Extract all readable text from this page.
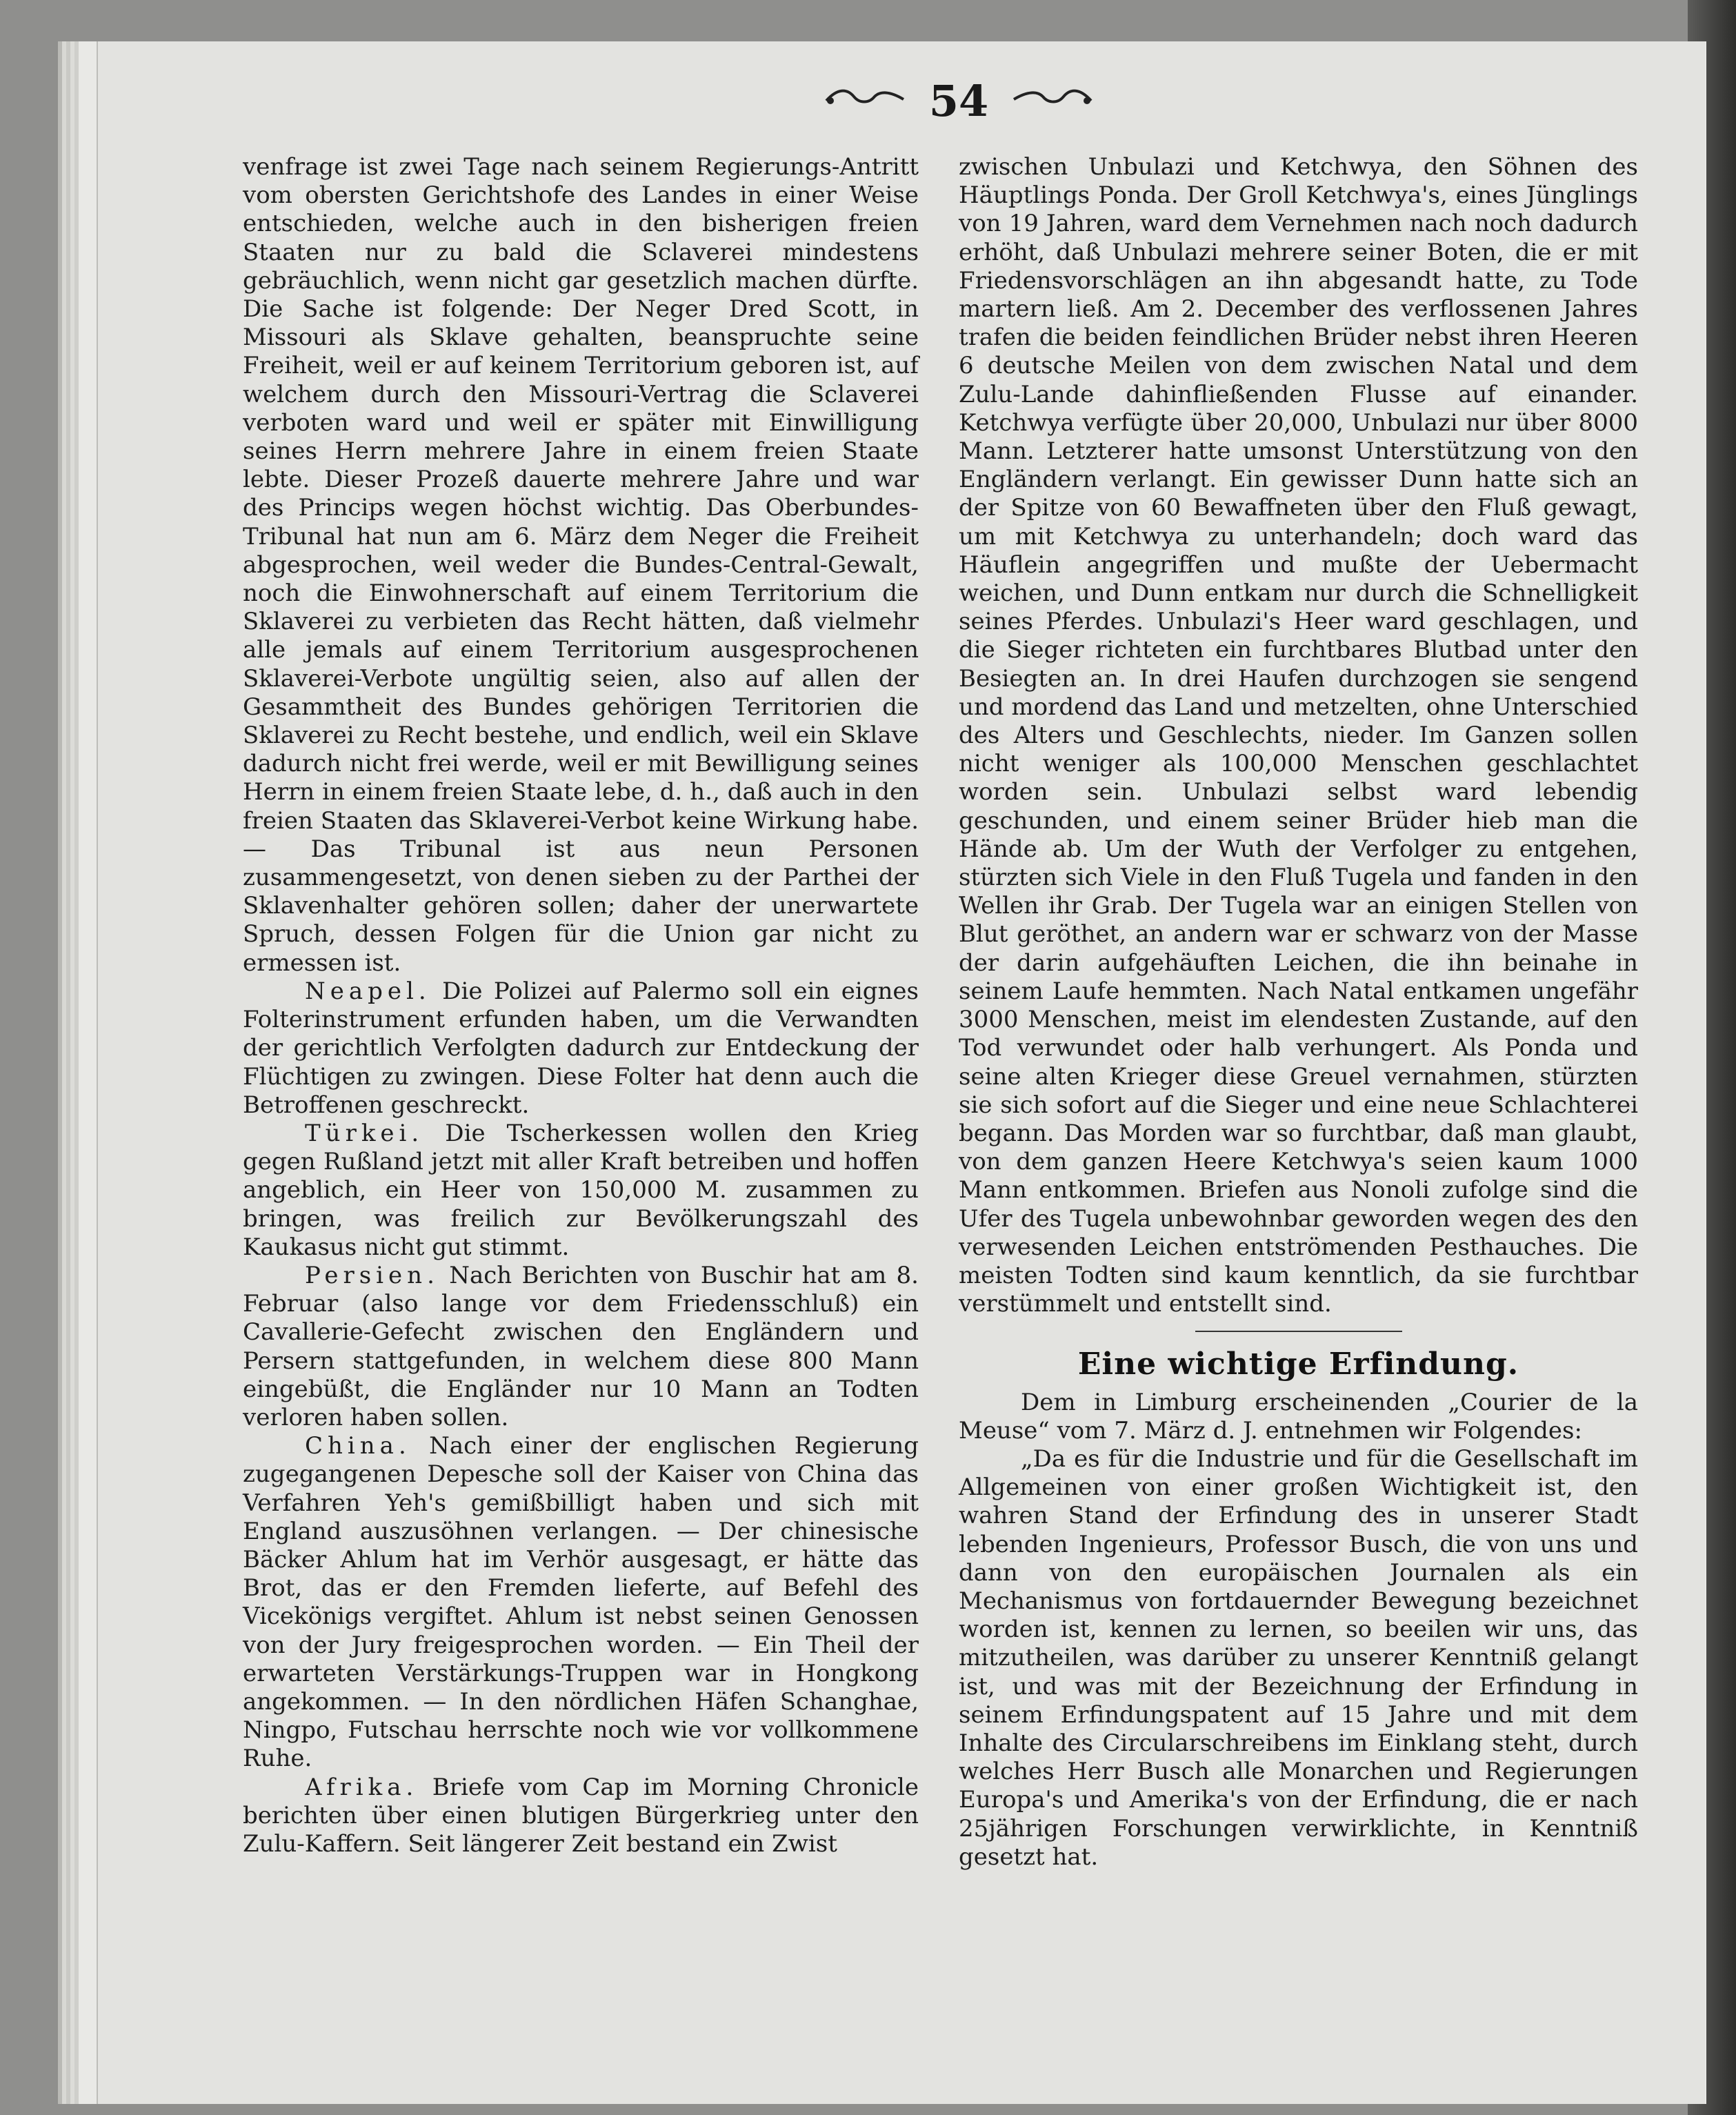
54

venfrage ist zwei Tage nach seinem Regierungs-Antritt vom obersten Gerichtshofe des Landes in einer Weise entschieden, welche auch in den bisherigen freien Staaten nur zu bald die Sclaverei mindestens gebräuchlich, wenn nicht gar gesetzlich machen dürfte. Die Sache ist folgende: Der Neger Dred Scott, in Missouri als Sklave gehalten, beanspruchte seine Freiheit, weil er auf keinem Territorium geboren ist, auf welchem durch den Missouri-Vertrag die Sclaverei verboten ward und weil er später mit Einwilligung seines Herrn mehrere Jahre in einem freien Staate lebte. Dieser Prozeß dauerte mehrere Jahre und war des Princips wegen höchst wichtig. Das Oberbundes-Tribunal hat nun am 6. März dem Neger die Freiheit abgesprochen, weil weder die Bundes-Central-Gewalt, noch die Einwohnerschaft auf einem Territorium die Sklaverei zu verbieten das Recht hätten, daß vielmehr alle jemals auf einem Territorium ausgesprochenen Sklaverei-Verbote ungültig seien, also auf allen der Gesammtheit des Bundes gehörigen Territorien die Sklaverei zu Recht bestehe, und endlich, weil ein Sklave dadurch nicht frei werde, weil er mit Bewilligung seines Herrn in einem freien Staate lebe, d. h., daß auch in den freien Staaten das Sklaverei-Verbot keine Wirkung habe. — Das Tribunal ist aus neun Personen zusammengesetzt, von denen sieben zu der Parthei der Sklavenhalter gehören sollen; daher der unerwartete Spruch, dessen Folgen für die Union gar nicht zu ermessen ist.

Neapel. Die Polizei auf Palermo soll ein eignes Folterinstrument erfunden haben, um die Verwandten der gerichtlich Verfolgten dadurch zur Entdeckung der Flüchtigen zu zwingen. Diese Folter hat denn auch die Betroffenen geschreckt.

Türkei. Die Tscherkessen wollen den Krieg gegen Rußland jetzt mit aller Kraft betreiben und hoffen angeblich, ein Heer von 150,000 M. zusammen zu bringen, was freilich zur Bevölkerungszahl des Kaukasus nicht gut stimmt.

Persien. Nach Berichten von Buschir hat am 8. Februar (also lange vor dem Friedensschluß) ein Cavallerie-Gefecht zwischen den Engländern und Persern stattgefunden, in welchem diese 800 Mann eingebüßt, die Engländer nur 10 Mann an Todten verloren haben sollen.

China. Nach einer der englischen Regierung zugegangenen Depesche soll der Kaiser von China das Verfahren Yeh's gemißbilligt haben und sich mit England auszusöhnen verlangen. — Der chinesische Bäcker Ahlum hat im Verhör ausgesagt, er hätte das Brot, das er den Fremden lieferte, auf Befehl des Vicekönigs vergiftet. Ahlum ist nebst seinen Genossen von der Jury freigesprochen worden. — Ein Theil der erwarteten Verstärkungs-Truppen war in Hongkong angekommen. — In den nördlichen Häfen Schanghae, Ningpo, Futschau herrschte noch wie vor vollkommene Ruhe.

Afrika. Briefe vom Cap im Morning Chronicle berichten über einen blutigen Bürgerkrieg unter den Zulu-Kaffern. Seit längerer Zeit bestand ein Zwist

zwischen Unbulazi und Ketchwya, den Söhnen des Häuptlings Ponda. Der Groll Ketchwya's, eines Jünglings von 19 Jahren, ward dem Vernehmen nach noch dadurch erhöht, daß Unbulazi mehrere seiner Boten, die er mit Friedensvorschlägen an ihn abgesandt hatte, zu Tode martern ließ. Am 2. December des verflossenen Jahres trafen die beiden feindlichen Brüder nebst ihren Heeren 6 deutsche Meilen von dem zwischen Natal und dem Zulu-Lande dahinfließenden Flusse auf einander. Ketchwya verfügte über 20,000, Unbulazi nur über 8000 Mann. Letzterer hatte umsonst Unterstützung von den Engländern verlangt. Ein gewisser Dunn hatte sich an der Spitze von 60 Bewaffneten über den Fluß gewagt, um mit Ketchwya zu unterhandeln; doch ward das Häuflein angegriffen und mußte der Uebermacht weichen, und Dunn entkam nur durch die Schnelligkeit seines Pferdes. Unbulazi's Heer ward geschlagen, und die Sieger richteten ein furchtbares Blutbad unter den Besiegten an. In drei Haufen durchzogen sie sengend und mordend das Land und metzelten, ohne Unterschied des Alters und Geschlechts, nieder. Im Ganzen sollen nicht weniger als 100,000 Menschen geschlachtet worden sein. Unbulazi selbst ward lebendig geschunden, und einem seiner Brüder hieb man die Hände ab. Um der Wuth der Verfolger zu entgehen, stürzten sich Viele in den Fluß Tugela und fanden in den Wellen ihr Grab. Der Tugela war an einigen Stellen von Blut geröthet, an andern war er schwarz von der Masse der darin aufgehäuften Leichen, die ihn beinahe in seinem Laufe hemmten. Nach Natal entkamen ungefähr 3000 Menschen, meist im elendesten Zustande, auf den Tod verwundet oder halb verhungert. Als Ponda und seine alten Krieger diese Greuel vernahmen, stürzten sie sich sofort auf die Sieger und eine neue Schlachterei begann. Das Morden war so furchtbar, daß man glaubt, von dem ganzen Heere Ketchwya's seien kaum 1000 Mann entkommen. Briefen aus Nonoli zufolge sind die Ufer des Tugela unbewohnbar geworden wegen des den verwesenden Leichen entströmenden Pesthauches. Die meisten Todten sind kaum kenntlich, da sie furchtbar verstümmelt und entstellt sind.

Eine wichtige Erfindung.

Dem in Limburg erscheinenden „Courier de la Meuse“ vom 7. März d. J. entnehmen wir Folgendes:

„Da es für die Industrie und für die Gesellschaft im Allgemeinen von einer großen Wichtigkeit ist, den wahren Stand der Erfindung des in unserer Stadt lebenden Ingenieurs, Professor Busch, die von uns und dann von den europäischen Journalen als ein Mechanismus von fortdauernder Bewegung bezeichnet worden ist, kennen zu lernen, so beeilen wir uns, das mitzutheilen, was darüber zu unserer Kenntniß gelangt ist, und was mit der Bezeichnung der Erfindung in seinem Erfindungspatent auf 15 Jahre und mit dem Inhalte des Circularschreibens im Einklang steht, durch welches Herr Busch alle Monarchen und Regierungen Europa's und Amerika's von der Erfindung, die er nach 25jährigen Forschungen verwirklichte, in Kenntniß gesetzt hat.
